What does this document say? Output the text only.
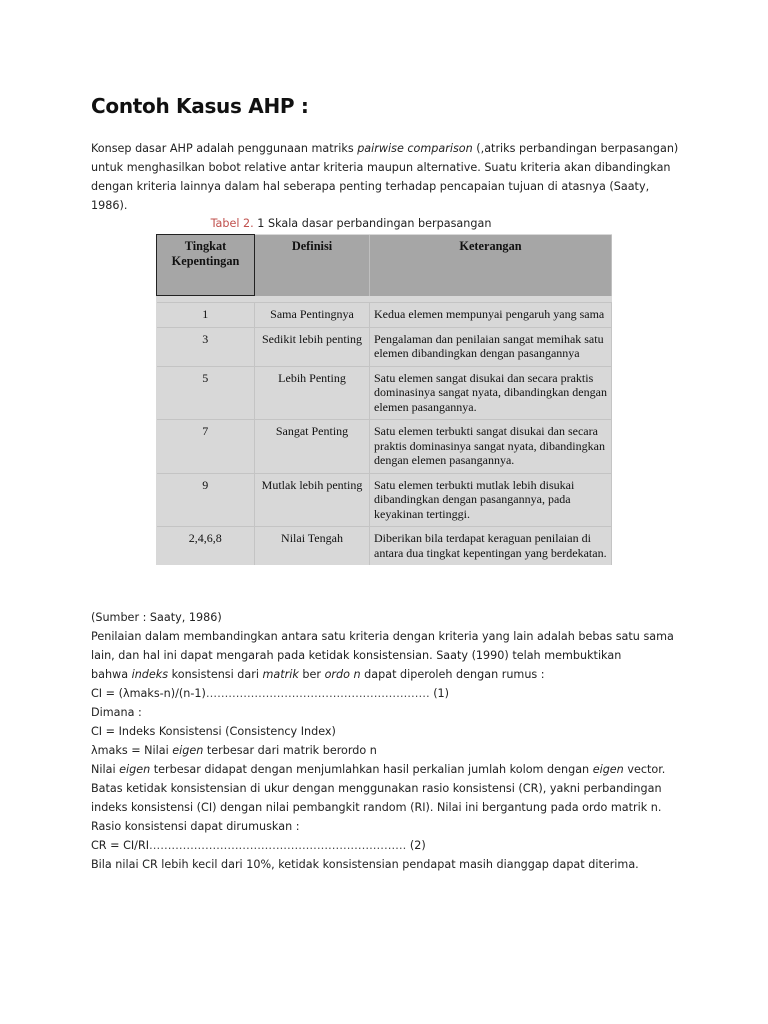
Contoh Kasus AHP :

Konsep dasar AHP adalah penggunaan matriks pairwise comparison (,atriks perbandingan berpasangan) untuk menghasilkan bobot relative antar kriteria maupun alternative. Suatu kriteria akan dibandingkan dengan kriteria lainnya dalam hal seberapa penting terhadap pencapaian tujuan di atasnya (Saaty, 1986).

Tabel 2. 1 Skala dasar perbandingan berpasangan

Tingkat Kepentingan	Definisi	Keterangan

1	Sama Pentingnya	Kedua elemen mempunyai pengaruh yang sama
3	Sedikit lebih penting	Pengalaman dan penilaian sangat memihak satu elemen dibandingkan dengan pasangannya
5	Lebih Penting	Satu elemen sangat disukai dan secara praktis dominasinya sangat nyata, dibandingkan dengan elemen pasangannya.
7	Sangat Penting	Satu elemen terbukti sangat disukai dan secara praktis dominasinya sangat nyata, dibandingkan dengan elemen pasangannya.
9	Mutlak lebih penting	Satu elemen terbukti mutlak lebih disukai dibandingkan dengan pasangannya, pada keyakinan tertinggi.
2,4,6,8	Nilai Tengah	Diberikan bila terdapat keraguan penilaian di antara dua tingkat kepentingan yang berdekatan.
(Sumber : Saaty, 1986)
Penilaian dalam membandingkan antara satu kriteria dengan kriteria yang lain adalah bebas satu sama
lain, dan hal ini dapat mengarah pada ketidak konsistensian. Saaty (1990) telah membuktikan
bahwa indeks konsistensi dari matrik ber ordo n dapat diperoleh dengan rumus :
CI = (λmaks-n)/(n-1)…………………………………………………… (1)
Dimana :
CI = Indeks Konsistensi (Consistency Index)
λmaks = Nilai eigen terbesar dari matrik berordo n
Nilai eigen terbesar didapat dengan menjumlahkan hasil perkalian jumlah kolom dengan eigen vector.
Batas ketidak konsistensian di ukur dengan menggunakan rasio konsistensi (CR), yakni perbandingan
indeks konsistensi (CI) dengan nilai pembangkit random (RI). Nilai ini bergantung pada ordo matrik n.
Rasio konsistensi dapat dirumuskan :
CR = CI/RI…………………………………………………………… (2)
Bila nilai CR lebih kecil dari 10%, ketidak konsistensian pendapat masih dianggap dapat diterima.
